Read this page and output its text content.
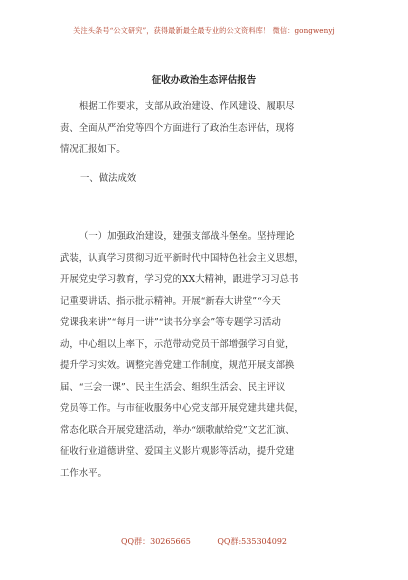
关注头条号“公文研究”，获得最新最全最专业的公文资料库！ 微信：gongwenyj
征收办政治生态评估报告
根据工作要求，支部从政治建设、作风建设、履职尽
责、全面从严治党等四个方面进行了政治生态评估，现将
情况汇报如下。
一、做法成效
（一）加强政治建设，建强支部战斗堡垒。坚持理论
武装，认真学习贯彻习近平新时代中国特色社会主义思想，
开展党史学习教育，学习党的XX大精神，跟进学习习总书
记重要讲话、指示批示精神。开展“新春大讲堂”“今天
党课我来讲”“每月一讲”“读书分享会”等专题学习活动
动，中心组以上率下，示范带动党员干部增强学习自觉，
提升学习实效。调整完善党建工作制度，规范开展支部换
届、“三会一课”、民主生活会、组织生活会、民主评议
党员等工作。与市征收服务中心党支部开展党建共建共促，
常态化联合开展党建活动，举办“颂歌献给党”文艺汇演、
征收行业道德讲堂、爱国主义影片观影等活动，提升党建
工作水平。
QQ群：30265665	QQ群:535304092
